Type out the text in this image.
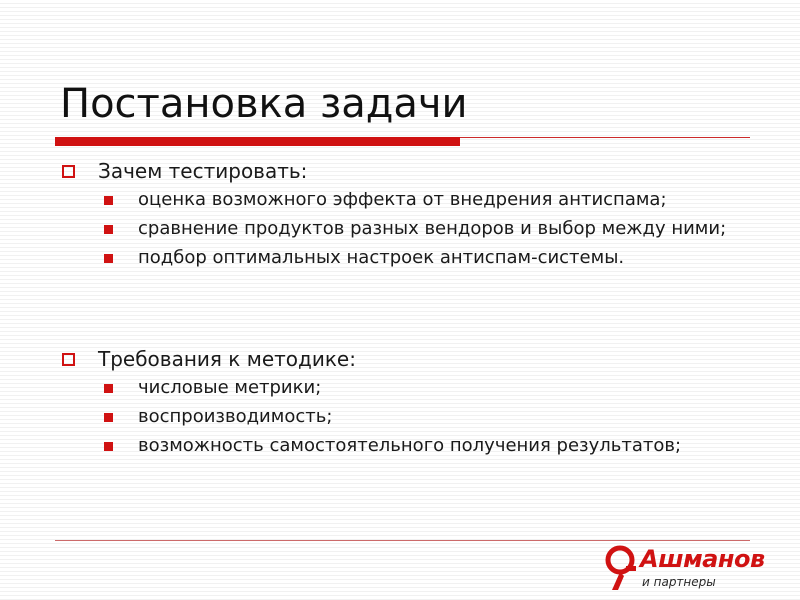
Постановка задачи
Зачем тестировать:
оценка возможного эффекта от внедрения антиспама;
сравнение продуктов разных вендоров и выбор между ними;
подбор оптимальных настроек антиспам-системы.
Требования к методике:
числовые метрики;
воспроизводимость;
возможность самостоятельного получения результатов;
Ашманов
и партнеры
